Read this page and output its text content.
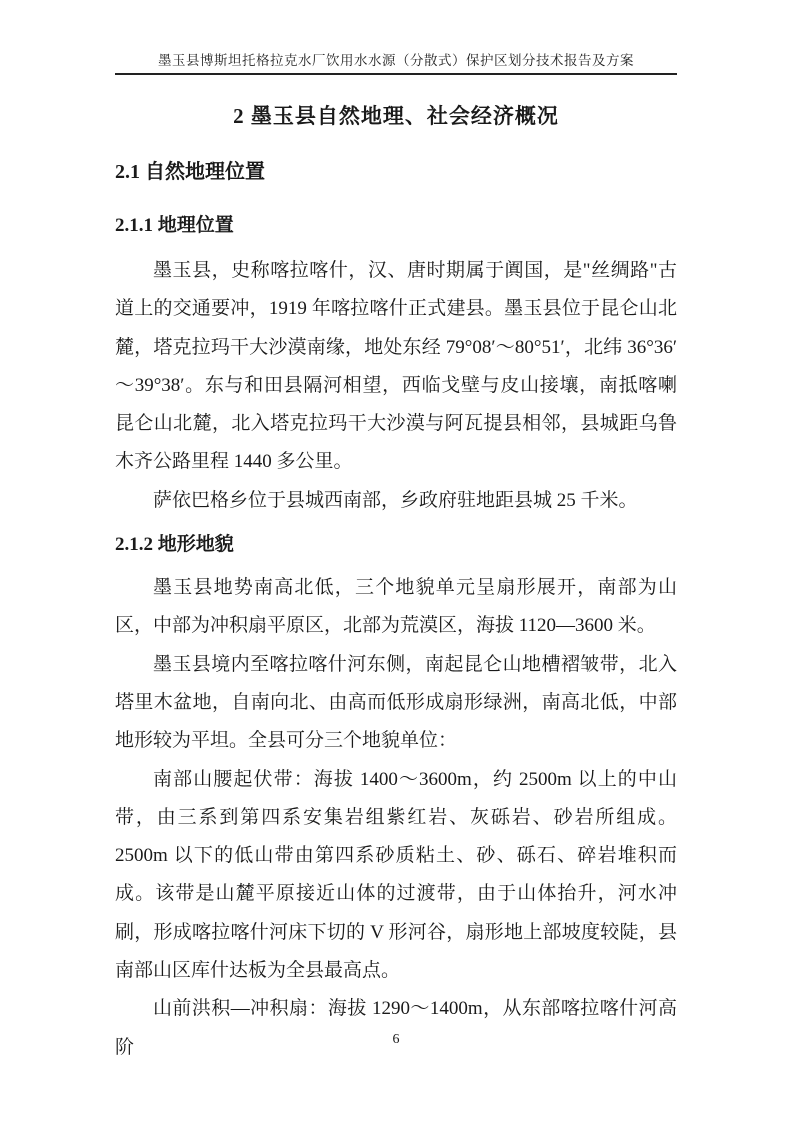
墨玉县博斯坦托格拉克水厂饮用水水源（分散式）保护区划分技术报告及方案
2 墨玉县自然地理、社会经济概况
2.1 自然地理位置
2.1.1 地理位置

墨玉县，史称喀拉喀什，汉、唐时期属于阗国，是"丝绸路"古道上的交通要冲，1919 年喀拉喀什正式建县。墨玉县位于昆仑山北麓，塔克拉玛干大沙漠南缘，地处东经 79°08′～80°51′，北纬 36°36′～39°38′。东与和田县隔河相望，西临戈壁与皮山接壤，南抵喀喇昆仑山北麓，北入塔克拉玛干大沙漠与阿瓦提县相邻，县城距乌鲁木齐公路里程 1440 多公里。

萨依巴格乡位于县城西南部，乡政府驻地距县城 25 千米。

2.1.2 地形地貌

墨玉县地势南高北低，三个地貌单元呈扇形展开，南部为山区，中部为冲积扇平原区，北部为荒漠区，海拔 1120—3600 米。

墨玉县境内至喀拉喀什河东侧，南起昆仑山地槽褶皱带，北入塔里木盆地，自南向北、由高而低形成扇形绿洲，南高北低，中部地形较为平坦。全县可分三个地貌单位：

南部山腰起伏带：海拔 1400～3600m，约 2500m 以上的中山带，由三系到第四系安集岩组紫红岩、灰砾岩、砂岩所组成。2500m 以下的低山带由第四系砂质粘土、砂、砾石、碎岩堆积而成。该带是山麓平原接近山体的过渡带，由于山体抬升，河水冲刷，形成喀拉喀什河床下切的 V 形河谷，扇形地上部坡度较陡，县南部山区库什达板为全县最高点。

山前洪积—冲积扇：海拔 1290～1400m，从东部喀拉喀什河高阶	6
